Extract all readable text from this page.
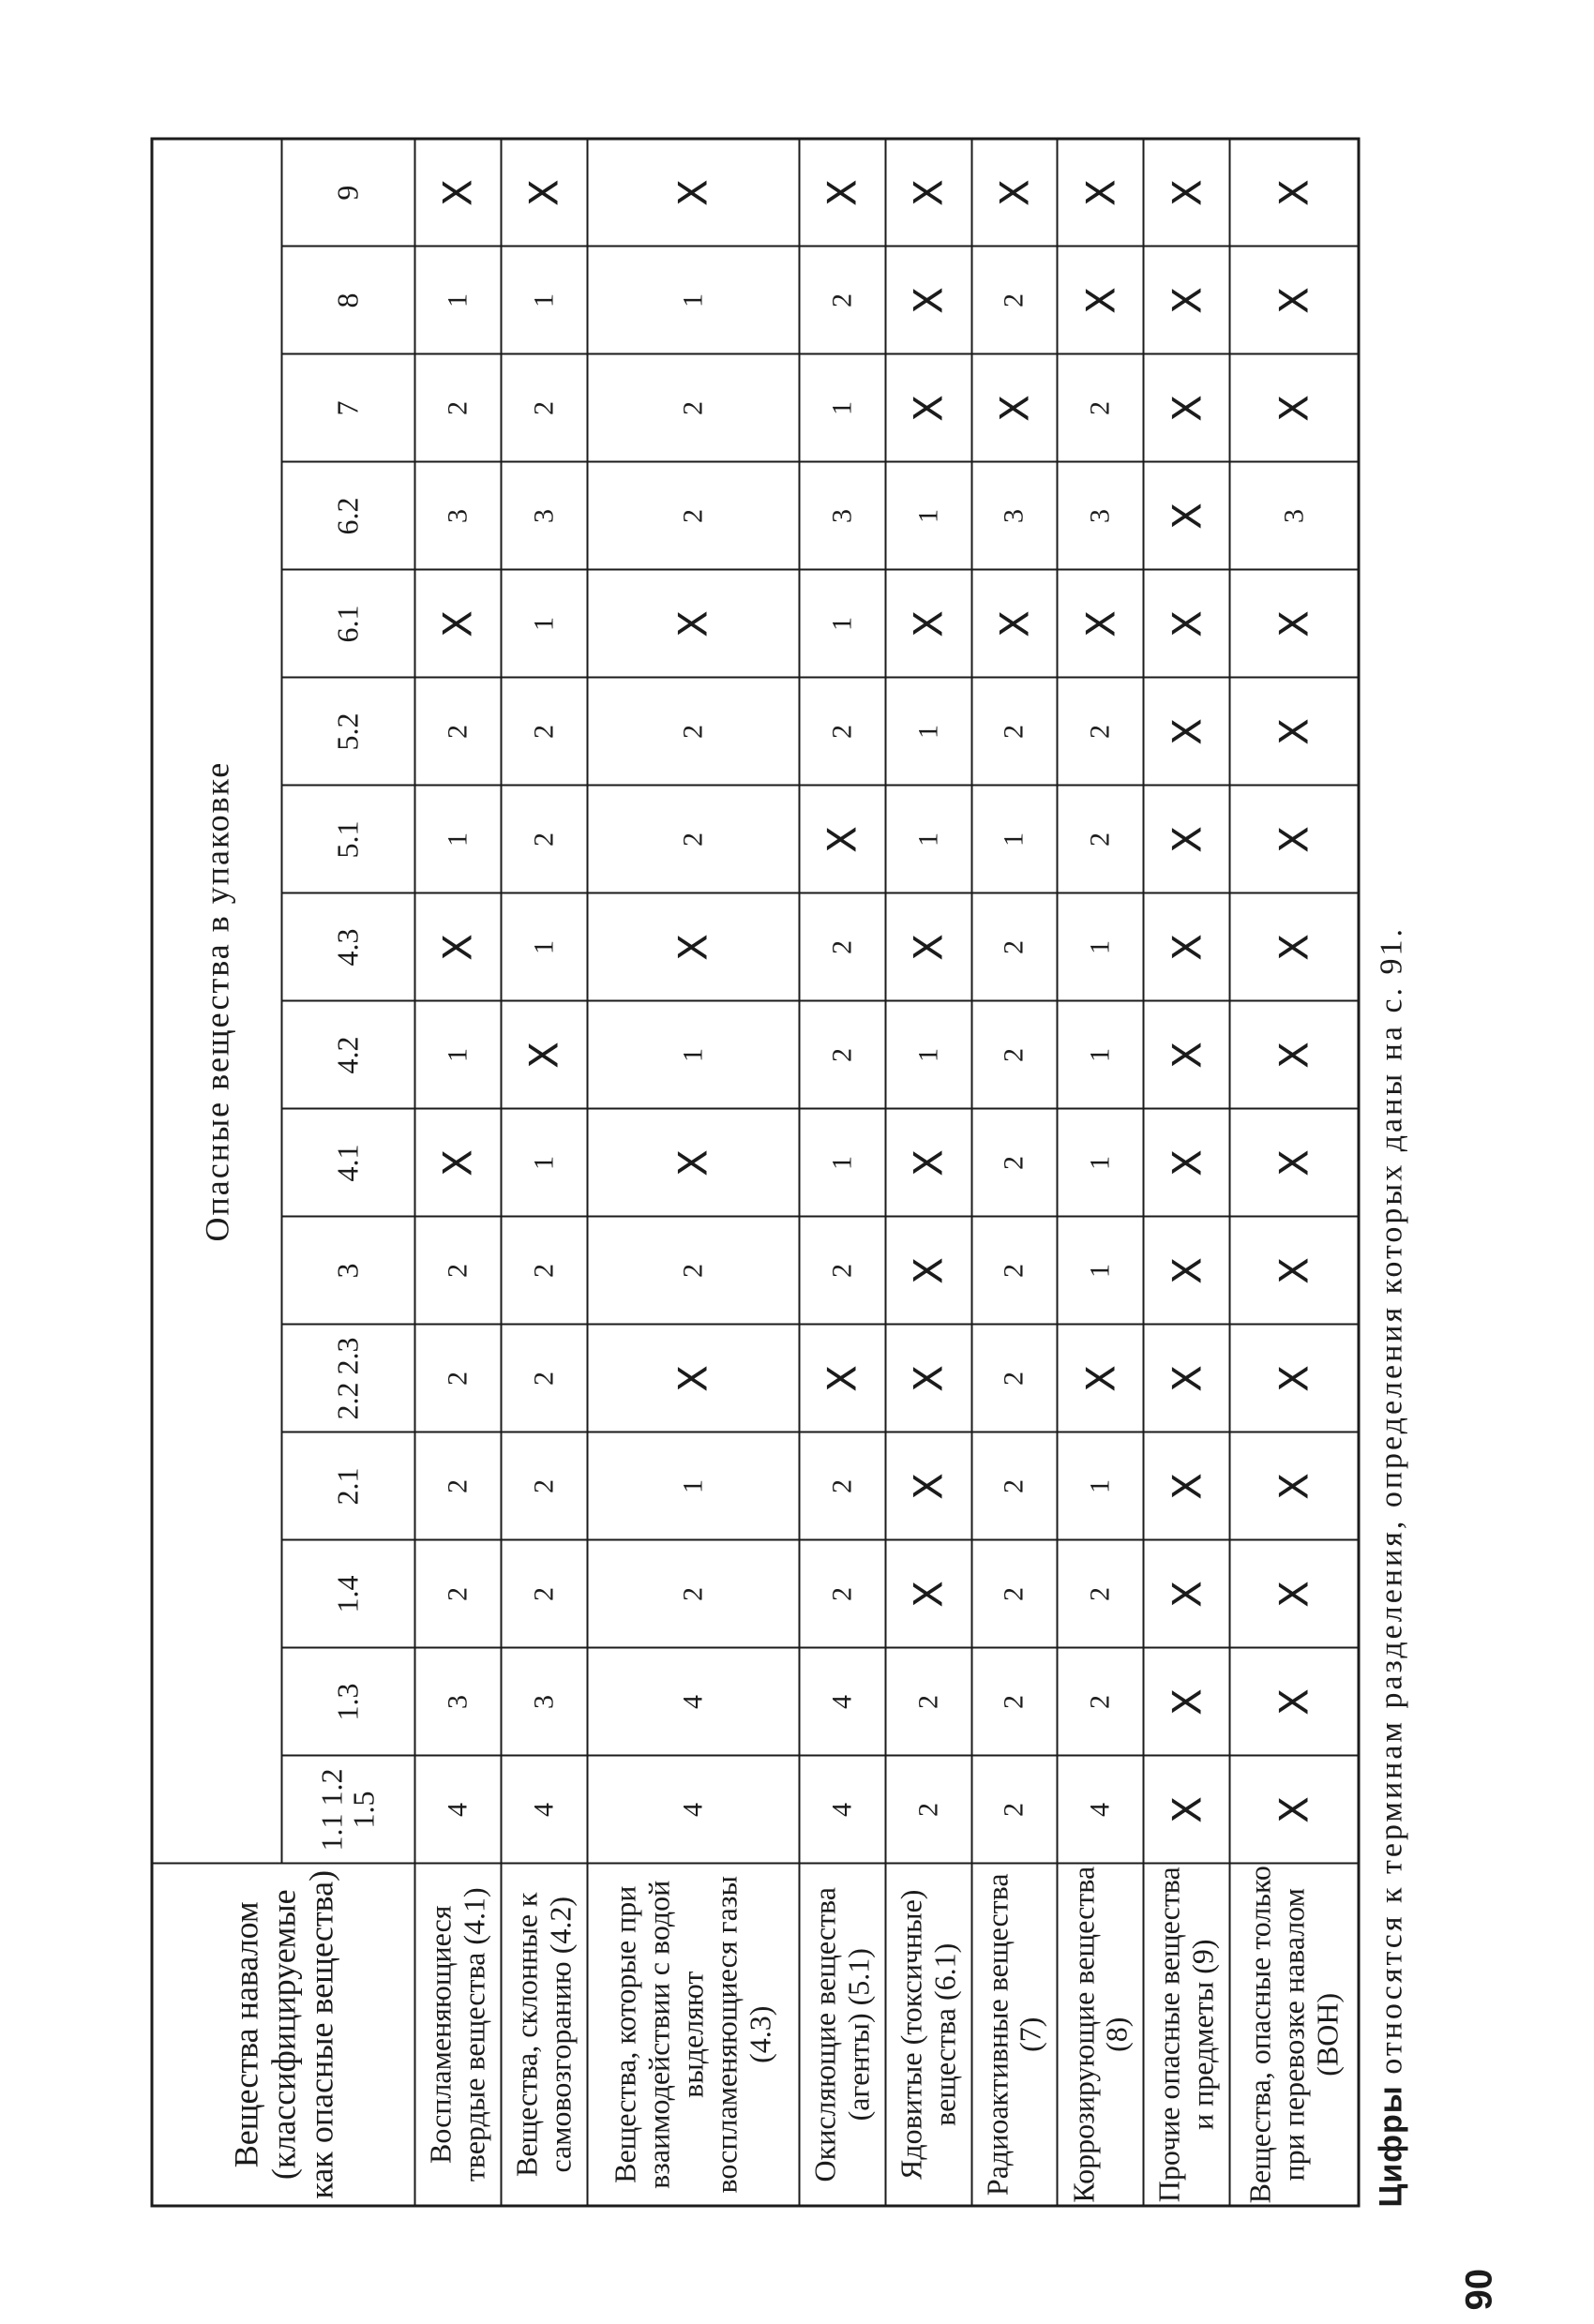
Вещества навалом (классифицируемые как опасные вещества)	Опасные вещества в упаковке															
	1.1 1.2 1.5	1.3	1.4	2.1	2.2 2.3	3	4.1	4.2	4.3	5.1	5.2	6.1	6.2	7	8	9
Воспламеняющиеся твердые вещества (4.1)	4	3	2	2	2	2	X	1	X	1	2	X	3	2	1	X
Вещества, склонные к самовозгоранию (4.2)	4	3	2	2	2	2	1	X	1	2	2	1	3	2	1	X
Вещества, которые при взаимодействии с водой выделяют воспламеняющиеся газы (4.3)	4	4	2	1	X	2	X	1	X	2	2	X	2	2	1	X
Окисляющие вещества (агенты) (5.1)	4	4	2	2	X	2	1	2	2	X	2	1	3	1	2	X
Ядовитые (токсичные) вещества (6.1)	2	2	X	X	X	X	X	1	X	1	1	X	1	X	X	X
Радиоактивные вещества (7)	2	2	2	2	2	2	2	2	2	1	2	X	3	X	2	X
Коррозирующие вещества (8)	4	2	2	1	X	1	1	1	1	2	2	X	3	2	X	X
Прочие опасные вещества и предметы (9)	X	X	X	X	X	X	X	X	X	X	X	X	X	X	X	X
Вещества, опасные только при перевозке навалом (ВОН)	X	X	X	X	X	X	X	X	X	X	X	X	3	X	X	X
Цифры относятся к терминам разделения, определения которых даны на с. 91.
90
